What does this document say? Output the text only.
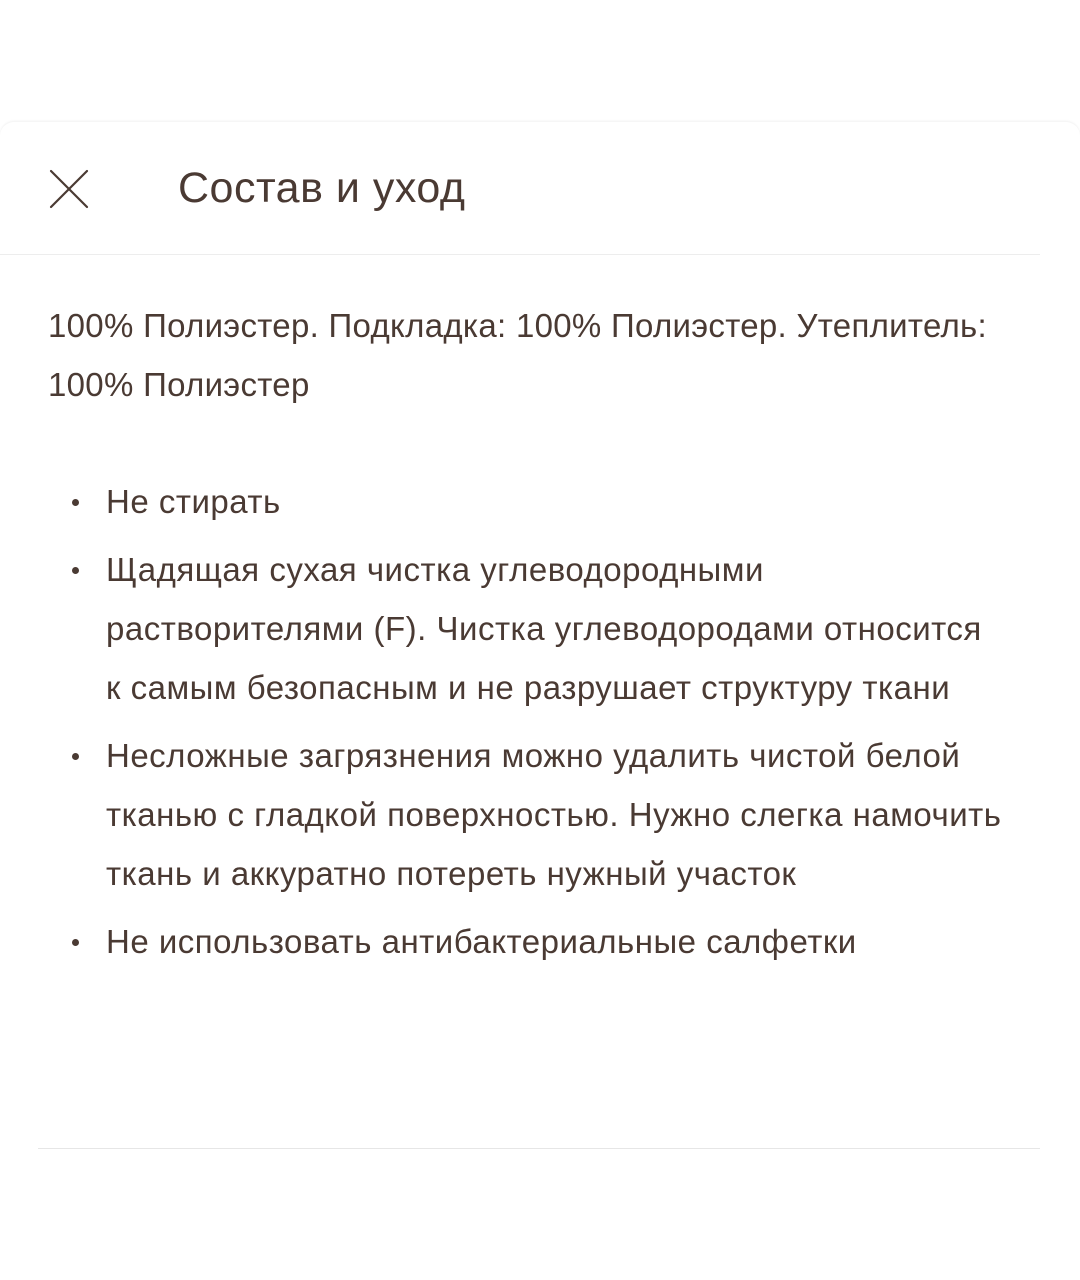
Состав и уход

100% Полиэстер. Подкладка: 100% Полиэстер. Утеплитель: 100% Полиэстер

Не стирать
Щадящая сухая чистка углеводородными растворителями (F). Чистка углеводородами относится к самым безопасным и не разрушает структуру ткани
Несложные загрязнения можно удалить чистой белой тканью с гладкой поверхностью. Нужно слегка намочить ткань и аккуратно потереть нужный участок
Не использовать антибактериальные салфетки
